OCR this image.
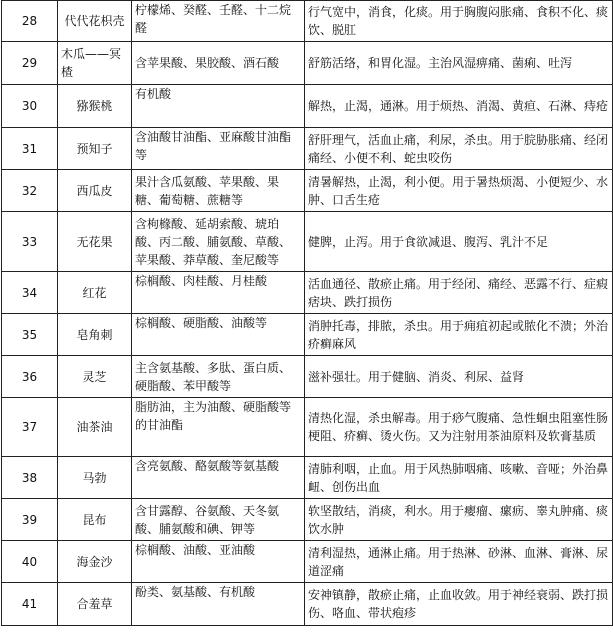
28	代代花枳壳	柠檬烯、癸醛、壬醛、十二烷醛	行气宽中，消食，化痰。用于胸腹闷胀痛、食积不化、痰饮、脱肛
29	木瓜——冥楂	含苹果酸、果胶酸、酒石酸	舒筋活络，和胃化湿。主治风湿痹痛、菌痢、吐泻
30	猕猴桃	有机酸	解热，止渴，通淋。用于烦热、消渴、黄疸、石淋、痔疮
31	预知子	含油酸甘油酯、亚麻酸甘油酯等	舒肝理气，活血止痛，利尿，杀虫。用于脘胁胀痛、经闭痛经、小便不利、蛇虫咬伤
32	西瓜皮	果汁含瓜氨酸、苹果酸、果糖、葡萄糖、蔗糖等	清暑解热，止渴，利小便。用于暑热烦渴、小便短少、水肿、口舌生疮
33	无花果	含枸橼酸、延胡索酸、琥珀酸、丙二酸、脯氨酸、草酸、苹果酸、莽草酸、奎尼酸等	健脾，止泻。用于食欲减退、腹泻、乳汁不足
34	红花	棕榈酸、肉桂酸、月桂酸	活血通径、散瘀止痛。用于经闭、痛经、恶露不行、症瘕痞块、跌打损伤
35	皂角刺	棕榈酸、硬脂酸、油酸等	消肿托毒，排脓，杀虫。用于痈疽初起或脓化不溃；外治疥癣麻风
36	灵芝	主含氨基酸、多肽、蛋白质、硬脂酸、苯甲酸等	滋补强壮。用于健脑、消炎、利尿、益肾
37	油茶油	脂肪油，主为油酸、硬脂酸等的甘油酯	清热化湿，杀虫解毒。用于痧气腹痛、急性蛔虫阻塞性肠梗阻、疥癣、烫火伤。又为注射用茶油原料及软膏基质
38	马勃	含亮氨酸、酪氨酸等氨基酸	清肺利咽，止血。用于风热肺咽痛、咳嗽、音哑；外治鼻衄、创伤出血
39	昆布	含甘露醇、谷氨酸、天冬氨酸、脯氨酸和碘、钾等	软坚散结，消痰，利水。用于瘿瘤、瘰疬、睾丸肿痛、痰饮水肿
40	海金沙	棕榈酸、油酸、亚油酸	清利湿热，通淋止痛。用于热淋、砂淋、血淋、膏淋、尿道涩痛
41	合羞草	酚类、氨基酸、有机酸	安神镇静，散瘀止痛，止血收敛。用于神经衰弱、跌打损伤、咯血、带状疱疹
